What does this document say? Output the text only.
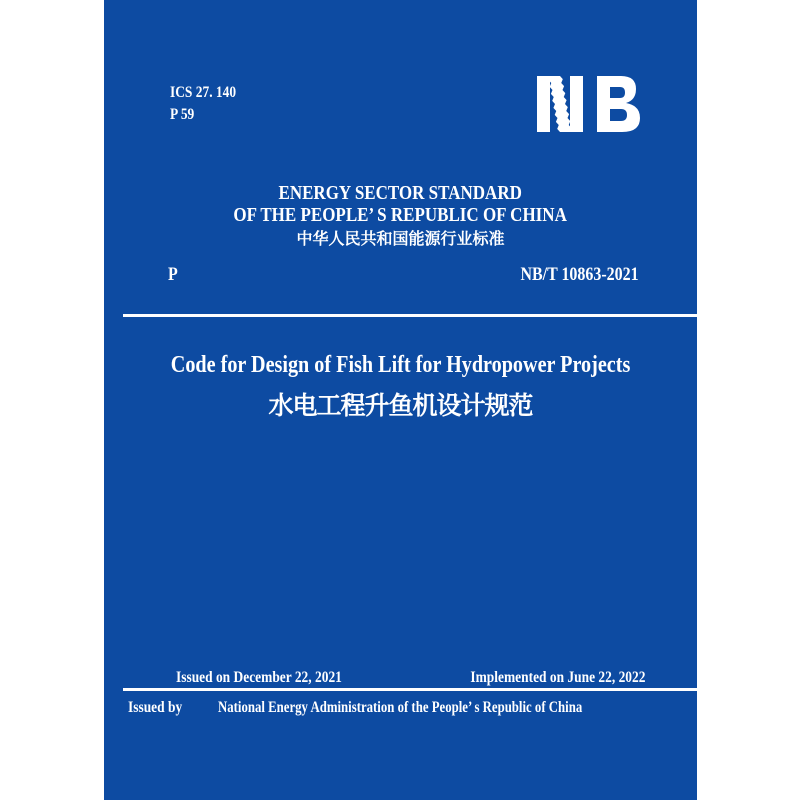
ICS 27. 140
P 59
ENERGY SECTOR STANDARD
OF THE PEOPLE’ S REPUBLIC OF CHINA
中华人民共和国能源行业标准
P	NB/T 10863-2021
Code for Design of Fish Lift for Hydropower Projects
水电工程升鱼机设计规范
Issued on December 22, 2021	Implemented on June 22, 2022
Issued by National Energy Administration of the People’ s Republic of China
